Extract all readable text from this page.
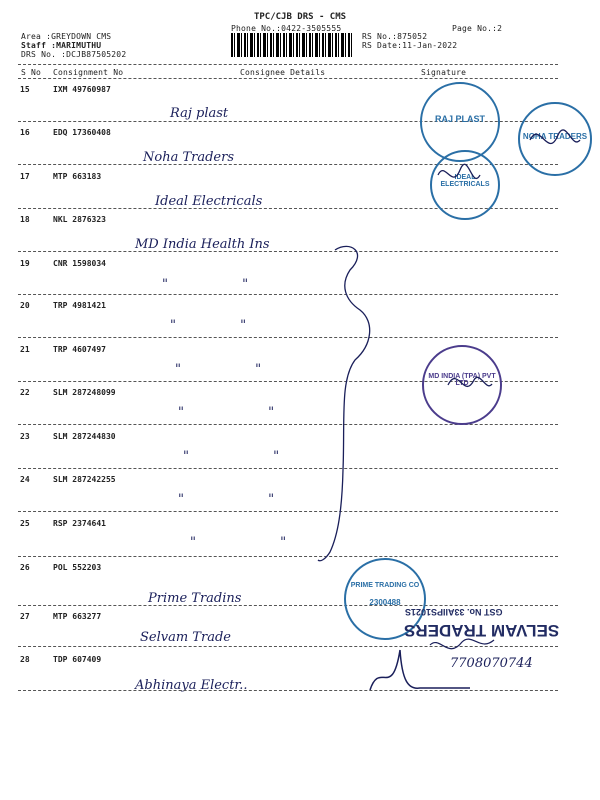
TPC/CJB DRS - CMS
Phone No.:0422-3505555	Page No.:2
Area :GREYDOWN CMS
Staff :MARIMUTHU
DRS No. :DCJB87505202
RS No.:875052
RS Date:11-Jan-2022
S No Consignment No	Consignee Details	Signature
15	IXM 49760987
Raj plast
16	EDQ 17360408
Noha Traders
17	MTP 663183
Ideal Electricals
18	NKL 2876323
MD India Health Ins
19	CNR 1598034
" "
20	TRP 4981421
" "
21	TRP 4607497
" "
22	SLM 287248099
" "
23	SLM 287244830
" "
24	SLM 287242255
" "
25	RSP 2374641
" "
26	POL 552203
Prime Tradins
27	MTP 663277
Selvam Trade
28	TDP 607409
Abhinaya Electr..
RAJ PLAST
NOHA TRADERS
IDEAL ELECTRICALS
MD INDIA (TPA) PVT LTD
PRIME TRADING CO
2300488
SELVAM TRADERS
GST No. 33AIIPS1021S
7708070744
